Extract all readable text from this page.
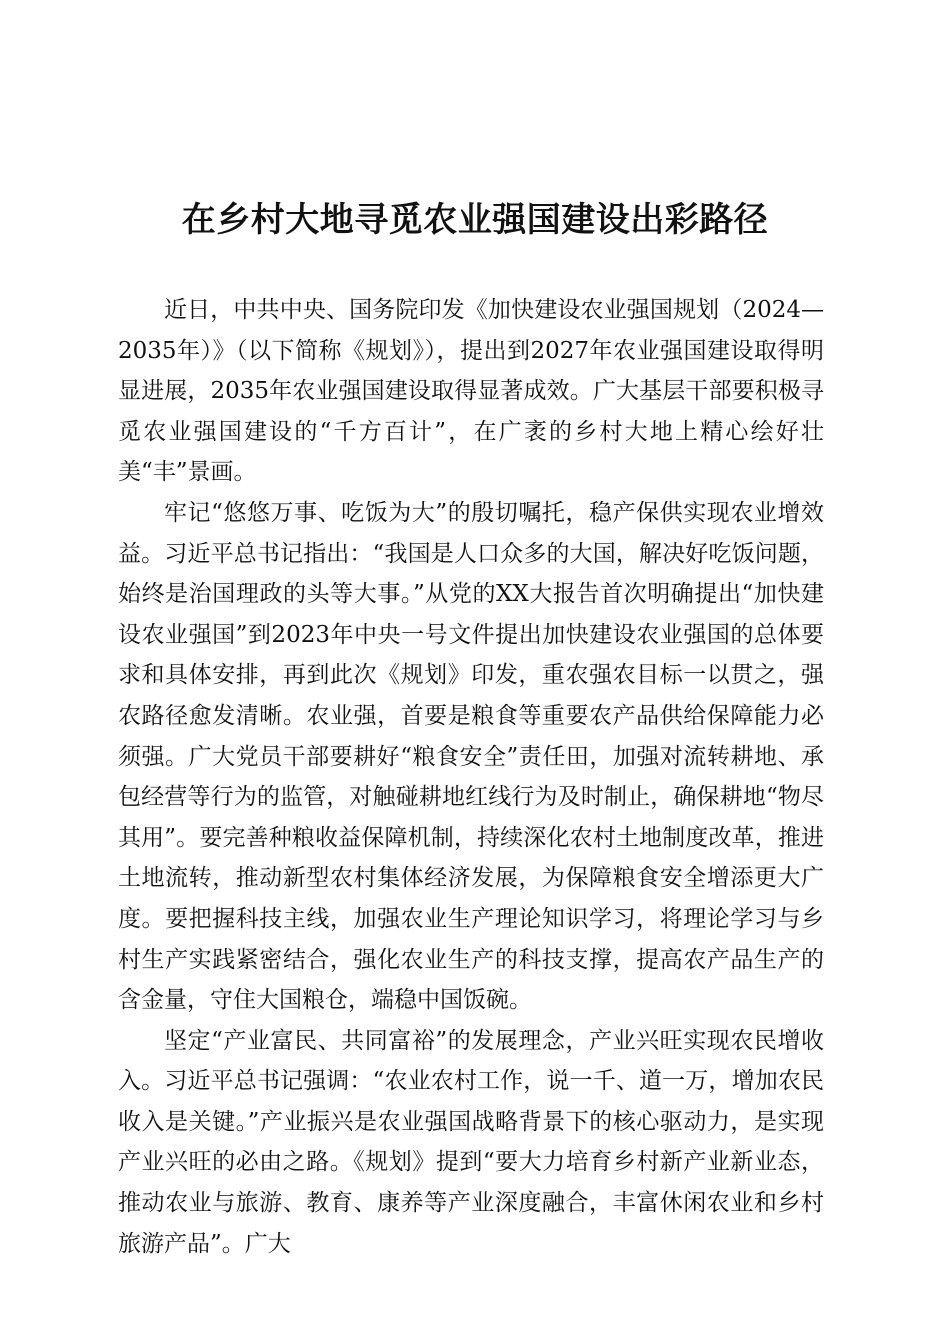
在乡村大地寻觅农业强国建设出彩路径

近日，中共中央、国务院印发《加快建设农业强国规划（2024—2035年）》（以下简称《规划》），提出到2027年农业强国建设取得明显进展，2035年农业强国建设取得显著成效。广大基层干部要积极寻觅农业强国建设的“千方百计”，在广袤的乡村大地上精心绘好壮美“丰”景画。

牢记“悠悠万事、吃饭为大”的殷切嘱托，稳产保供实现农业增效益。习近平总书记指出：“我国是人口众多的大国，解决好吃饭问题，始终是治国理政的头等大事。”从党的XX大报告首次明确提出“加快建设农业强国”到2023年中央一号文件提出加快建设农业强国的总体要求和具体安排，再到此次《规划》印发，重农强农目标一以贯之，强农路径愈发清晰。农业强，首要是粮食等重要农产品供给保障能力必须强。广大党员干部要耕好“粮食安全”责任田，加强对流转耕地、承包经营等行为的监管，对触碰耕地红线行为及时制止，确保耕地“物尽其用”。要完善种粮收益保障机制，持续深化农村土地制度改革，推进土地流转，推动新型农村集体经济发展，为保障粮食安全增添更大广度。要把握科技主线，加强农业生产理论知识学习，将理论学习与乡村生产实践紧密结合，强化农业生产的科技支撑，提高农产品生产的含金量，守住大国粮仓，端稳中国饭碗。

坚定“产业富民、共同富裕”的发展理念，产业兴旺实现农民增收入。习近平总书记强调：“农业农村工作，说一千、道一万，增加农民收入是关键。”产业振兴是农业强国战略背景下的核心驱动力，是实现产业兴旺的必由之路。《规划》提到“要大力培育乡村新产业新业态，推动农业与旅游、教育、康养等产业深度融合，丰富休闲农业和乡村旅游产品”。广大
